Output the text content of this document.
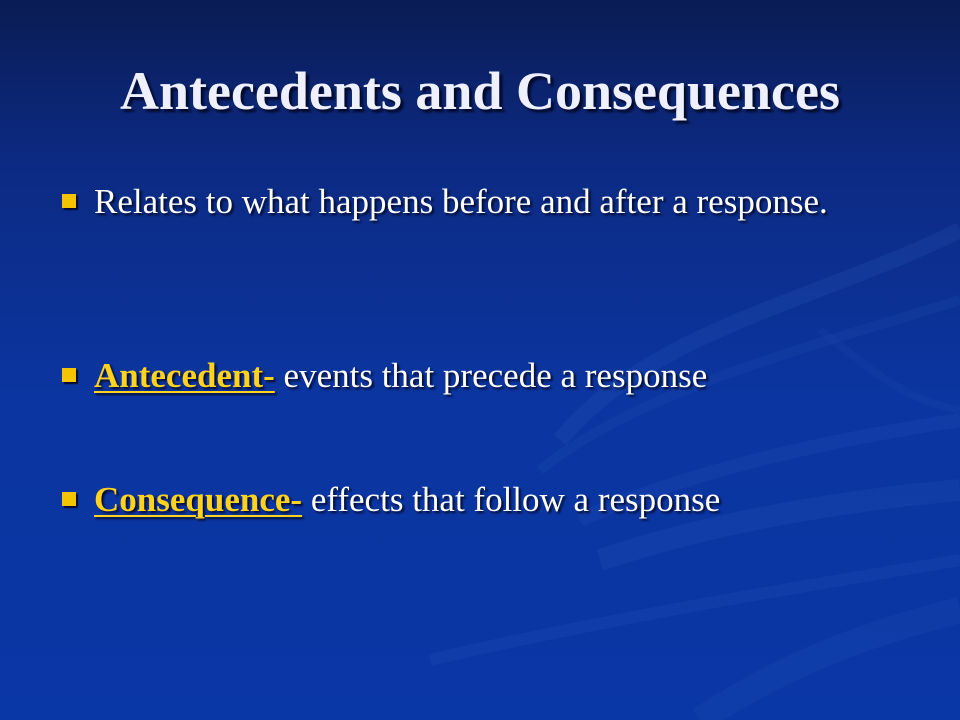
Antecedents and Consequences
Relates to what happens before and after a response.
Antecedent- events that precede a response
Consequence- effects that follow a response
